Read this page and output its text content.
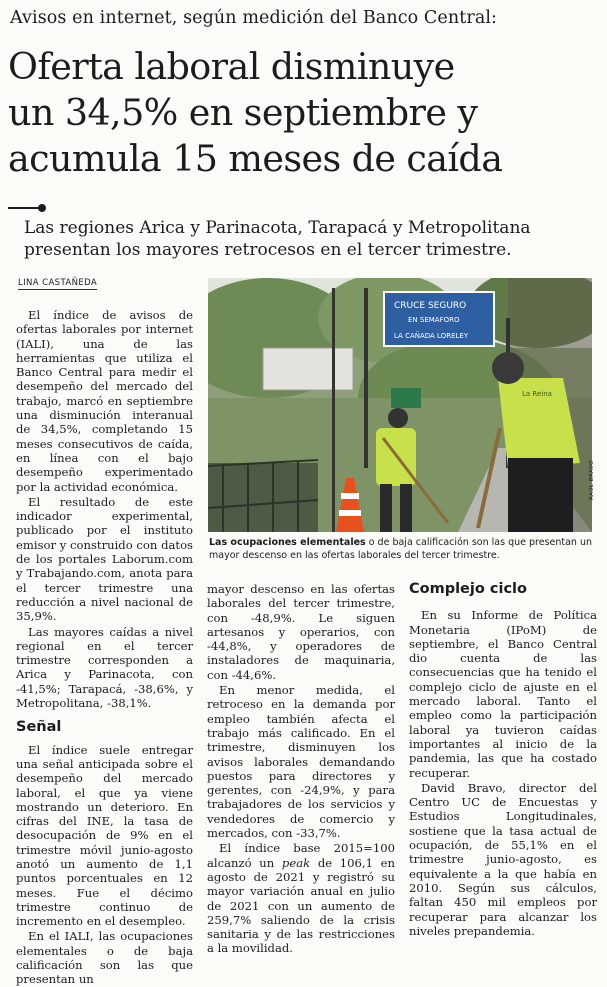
Avisos en internet, según medición del Banco Central:
Oferta laboral disminuye
un 34,5% en septiembre y
acumula 15 meses de caída
Las regiones Arica y Parinacota, Tarapacá y Metropolitana
presentan los mayores retrocesos en el tercer trimestre.
LINA CASTAÑEDA

El índice de avisos de ofertas laborales por internet (IALI), una de las herramientas que utiliza el Banco Central para medir el desempeño del mercado del trabajo, marcó en septiembre una disminución interanual de 34,5%, completando 15 meses consecutivos de caída, en línea con el bajo desempeño experimentado por la actividad económica.

El resultado de este indicador experimental, publicado por el instituto emisor y construido con datos de los portales Laborum.com y Trabajando.com, anota para el tercer trimestre una reducción a nivel nacional de 35,9%.

Las mayores caídas a nivel regional en el tercer trimestre corresponden a Arica y Parinacota, con -41,5%; Tarapacá, -38,6%, y Metropolitana, -38,1%.

Señal

El índice suele entregar una señal anticipada sobre el desempeño del mercado laboral, el que ya viene mostrando un deterioro. En cifras del INE, la tasa de desocupación de 9% en el trimestre móvil junio-agosto anotó un aumento de 1,1 puntos porcentuales en 12 meses. Fue el décimo trimestre continuo de incremento en el desempleo.

En el IALI, las ocupaciones elementales o de baja calificación son las que presentan un

CRUCE SEGURO
EN SEMAFORO
LA CAÑADA LORELEY
La Reina
RAÚL BRAVO
Las ocupaciones elementales o de baja calificación son las que presentan un mayor descenso en las ofertas laborales del tercer trimestre.

mayor descenso en las ofertas laborales del tercer trimestre, con -48,9%. Le siguen artesanos y operarios, con -44,8%, y operadores de instaladores de maquinaria, con -44,6%.

En menor medida, el retroceso en la demanda por empleo también afecta el trabajo más calificado. En el trimestre, disminuyen los avisos laborales demandando puestos para directores y gerentes, con -24,9%, y para trabajadores de los servicios y vendedores de comercio y mercados, con -33,7%.

El índice base 2015=100 alcanzó un peak de 106,1 en agosto de 2021 y registró su mayor variación anual en julio de 2021 con un aumento de 259,7% saliendo de la crisis sanitaria y de las restricciones a la movilidad.

Complejo ciclo

En su Informe de Política Monetaria (IPoM) de septiembre, el Banco Central dio cuenta de las consecuencias que ha tenido el complejo ciclo de ajuste en el mercado laboral. Tanto el empleo como la participación laboral ya tuvieron caídas importantes al inicio de la pandemia, las que ha costado recuperar.

David Bravo, director del Centro UC de Encuestas y Estudios Longitudinales, sostiene que la tasa actual de ocupación, de 55,1% en el trimestre junio-agosto, es equivalente a la que había en 2010. Según sus cálculos, faltan 450 mil empleos por recuperar para alcanzar los niveles prepandemia.
